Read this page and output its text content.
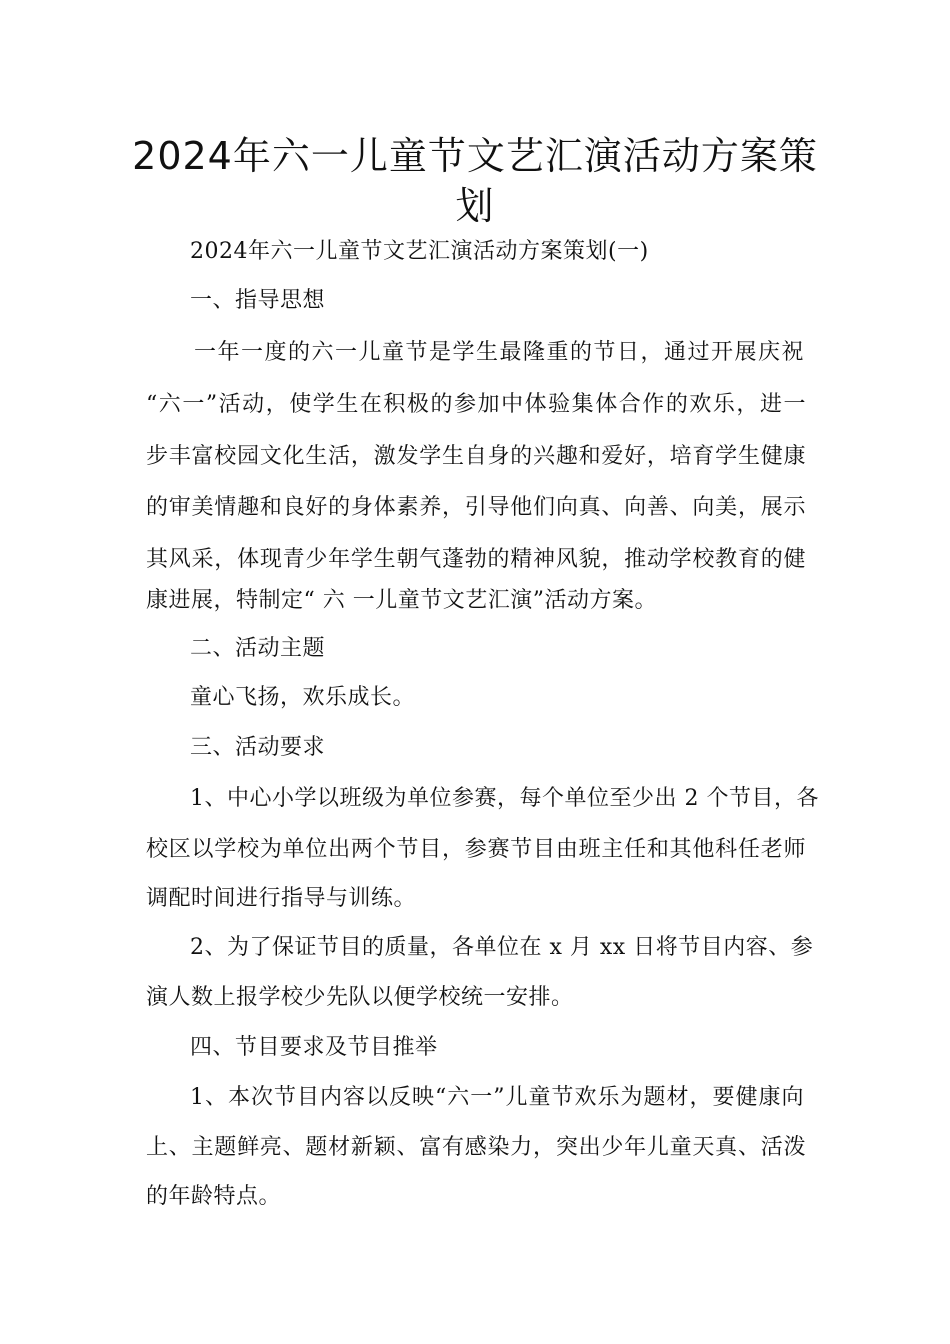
2024年六一儿童节文艺汇演活动方案策
划
2024年六一儿童节文艺汇演活动方案策划(一)
一、指导思想
一年一度的六一儿童节是学生最隆重的节日，通过开展庆祝
“六一”活动，使学生在积极的参加中体验集体合作的欢乐，进一
步丰富校园文化生活，激发学生自身的兴趣和爱好，培育学生健康
的审美情趣和良好的身体素养，引导他们向真、向善、向美，展示
其风采，体现青少年学生朝气蓬勃的精神风貌，推动学校教育的健
康进展，特制定“ 六 一儿童节文艺汇演”活动方案。
二、活动主题
童心飞扬，欢乐成长。
三、活动要求
1、中心小学以班级为单位参赛，每个单位至少出 2 个节目，各
校区以学校为单位出两个节目，参赛节目由班主任和其他科任老师
调配时间进行指导与训练。
2、为了保证节目的质量，各单位在 x 月 xx 日将节目内容、参
演人数上报学校少先队以便学校统一安排。
四、节目要求及节目推举
1、本次节目内容以反映“六一”儿童节欢乐为题材，要健康向
上、主题鲜亮、题材新颖、富有感染力，突出少年儿童天真、活泼
的年龄特点。
